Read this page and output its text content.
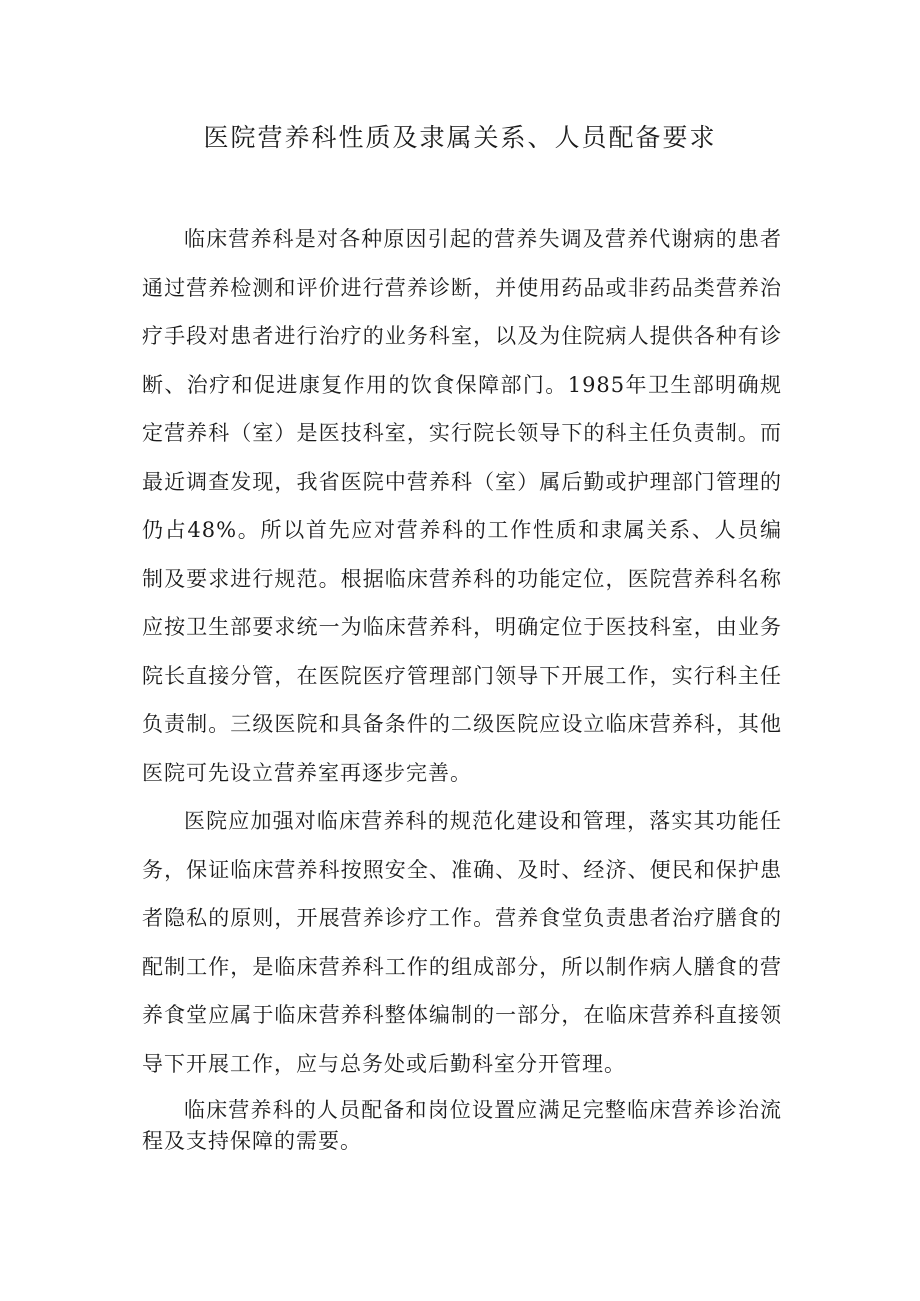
医院营养科性质及隶属关系、人员配备要求

临床营养科是对各种原因引起的营养失调及营养代谢病的患者通过营养检测和评价进行营养诊断，并使用药品或非药品类营养治疗手段对患者进行治疗的业务科室，以及为住院病人提供各种有诊断、治疗和促进康复作用的饮食保障部门。1985年卫生部明确规定营养科（室）是医技科室，实行院长领导下的科主任负责制。而最近调查发现，我省医院中营养科（室）属后勤或护理部门管理的仍占48%。所以首先应对营养科的工作性质和隶属关系、人员编制及要求进行规范。根据临床营养科的功能定位，医院营养科名称应按卫生部要求统一为临床营养科，明确定位于医技科室，由业务院长直接分管，在医院医疗管理部门领导下开展工作，实行科主任负责制。三级医院和具备条件的二级医院应设立临床营养科，其他医院可先设立营养室再逐步完善。

医院应加强对临床营养科的规范化建设和管理，落实其功能任务，保证临床营养科按照安全、准确、及时、经济、便民和保护患者隐私的原则，开展营养诊疗工作。营养食堂负责患者治疗膳食的配制工作，是临床营养科工作的组成部分，所以制作病人膳食的营养食堂应属于临床营养科整体编制的一部分，在临床营养科直接领导下开展工作，应与总务处或后勤科室分开管理。

临床营养科的人员配备和岗位设置应满足完整临床营养诊治流程及支持保障的需要。
